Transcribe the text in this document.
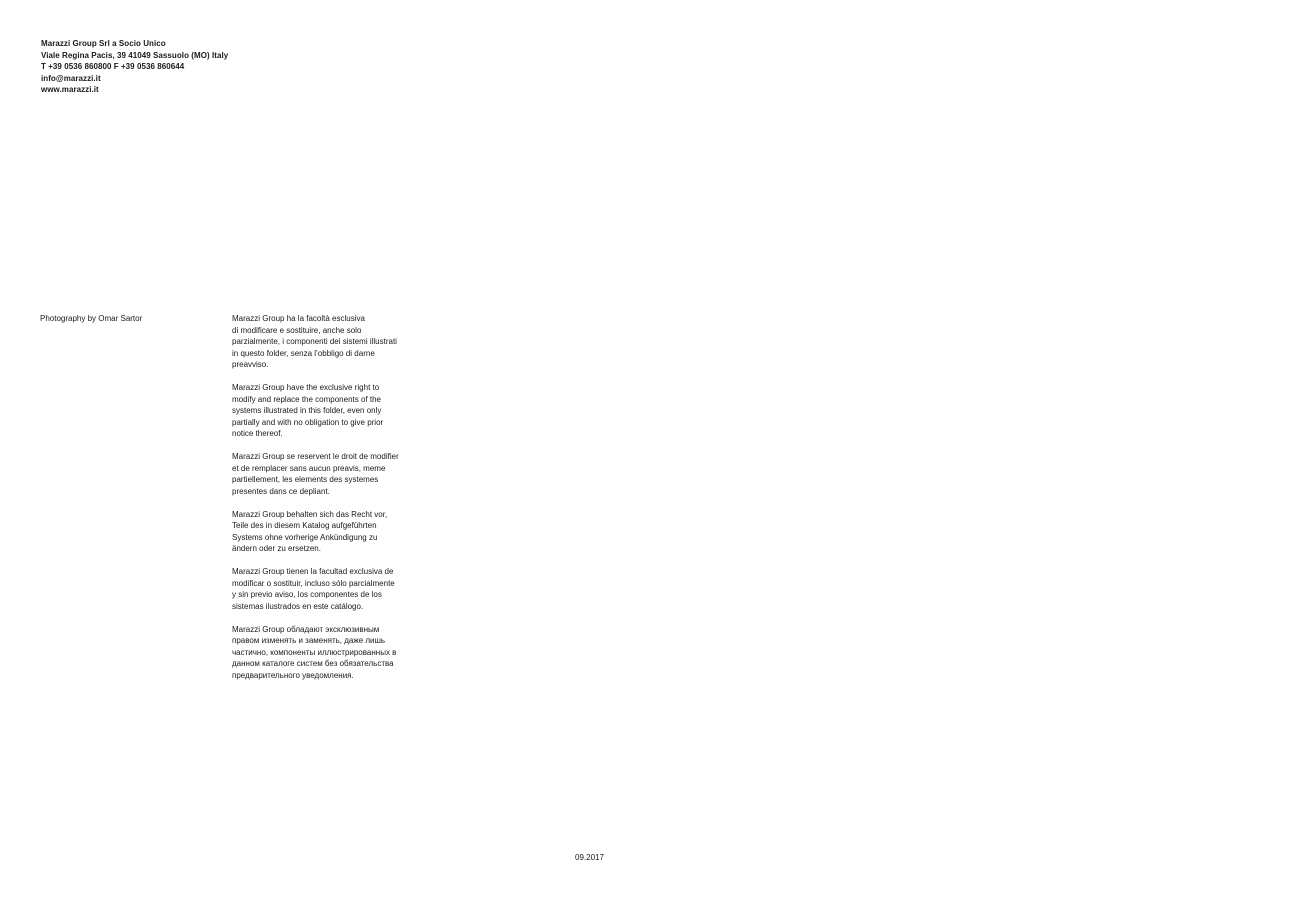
Marazzi Group Srl a Socio Unico
Viale Regina Pacis, 39 41049 Sassuolo (MO) Italy
T +39 0536 860800 F +39 0536 860644
info@marazzi.it
www.marazzi.it
Photography by Omar Sartor	Marazzi Group ha la facoltà esclusiva
di modificare e sostituire, anche solo
parzialmente, i componenti dei sistemi illustrati
in questo folder, senza l’obbligo di darne
preavviso.

Marazzi Group have the exclusive right to
modify and replace the components of the
systems illustrated in this folder, even only
partially and with no obligation to give prior
notice thereof.

Marazzi Group se reservent le droit de modifier
et de remplacer sans aucun preavis, meme
partiellement, les elements des systemes
presentes dans ce depliant.

Marazzi Group behalten sich das Recht vor,
Teile des in diesem Katalog aufgeführten
Systems ohne vorherige Ankündigung zu
ändern oder zu ersetzen.

Marazzi Group tienen la facultad exclusiva de
modificar o sostituir, incluso sólo parcialmente
y sin previo aviso, los componentes de los
sistemas ilustrados en este catálogo.

Marazzi Group обладают эксклюзивным
правом изменять и заменять, даже лишь
частично, компоненты иллюстрированных в
данном каталоге систем без обязательства
предварительного уведомления.

09.2017
